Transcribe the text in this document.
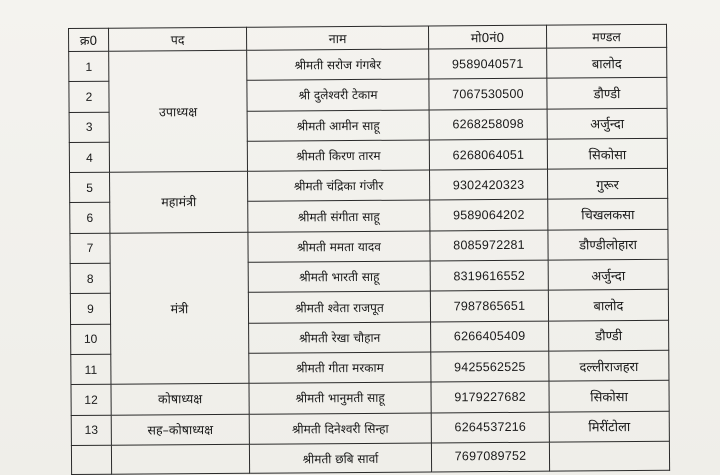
क्र0	पद	नाम	मो0नं0	मण्डल
1	उपाध्यक्ष	श्रीमती सरोज गंगबेर	9589040571	बालोद
2		श्री दुलेश्वरी टेकाम	7067530500	डौण्डी
3		श्रीमती आमीन साहू	6268258098	अर्जुन्दा
4		श्रीमती किरण तारम	6268064051	सिकोसा
5	महामंत्री	श्रीमती चंद्रिका गंजीर	9302420323	गुरूर
6		श्रीमती संगीता साहू	9589064202	चिखलकसा
7	मंत्री	श्रीमती ममता यादव	8085972281	डौण्डीलोहारा
8		श्रीमती भारती साहू	8319616552	अर्जुन्दा
9		श्रीमती श्वेता राजपूत	7987865651	बालोद
10		श्रीमती रेखा चौहान	6266405409	डौण्डी
11		श्रीमती गीता मरकाम	9425562525	दल्लीराजहरा
12	कोषाध्यक्ष	श्रीमती भानुमती साहू	9179227682	सिकोसा
13	सह–कोषाध्यक्ष	श्रीमती दिनेश्वरी सिन्हा	6264537216	मिरींटोला
		श्रीमती छबि सार्वा	7697089752	
